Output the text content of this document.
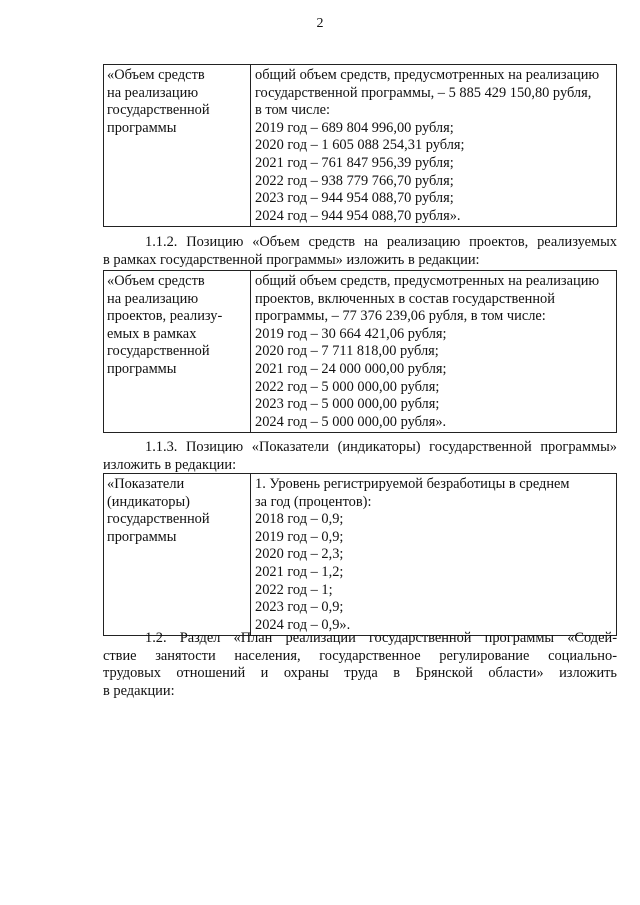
2
«Объем средств
на реализацию
государственной
программы

общий объем средств, предусмотренных на реализацию
государственной программы, – 5 885 429 150,80 рубля,
в том числе:
2019 год – 689 804 996,00 рубля;
2020 год – 1 605 088 254,31 рубля;
2021 год – 761 847 956,39 рубля;
2022 год – 938 779 766,70 рубля;
2023 год – 944 954 088,70 рубля;
2024 год – 944 954 088,70 рубля».
1.1.2. Позицию «Объем средств на реализацию проектов, реализуемых
в рамках государственной программы» изложить в редакции:
«Объем средств
на реализацию
проектов, реализу-
емых в рамках
государственной
программы

общий объем средств, предусмотренных на реализацию
проектов, включенных в состав государственной
программы, – 77 376 239,06 рубля, в том числе:
2019 год – 30 664 421,06 рубля;
2020 год – 7 711 818,00 рубля;
2021 год – 24 000 000,00 рубля;
2022 год – 5 000 000,00 рубля;
2023 год – 5 000 000,00 рубля;
2024 год – 5 000 000,00 рубля».
1.1.3. Позицию «Показатели (индикаторы) государственной программы»
изложить в редакции:
«Показатели
(индикаторы)
государственной
программы

1. Уровень регистрируемой безработицы в среднем
за год (процентов):
2018 год – 0,9;
2019 год – 0,9;
2020 год – 2,3;
2021 год – 1,2;
2022 год – 1;
2023 год – 0,9;
2024 год – 0,9».
1.2. Раздел «План реализации государственной программы «Содей-
ствие занятости населения, государственное регулирование социально-
трудовых отношений и охраны труда в Брянской области» изложить
в редакции:
